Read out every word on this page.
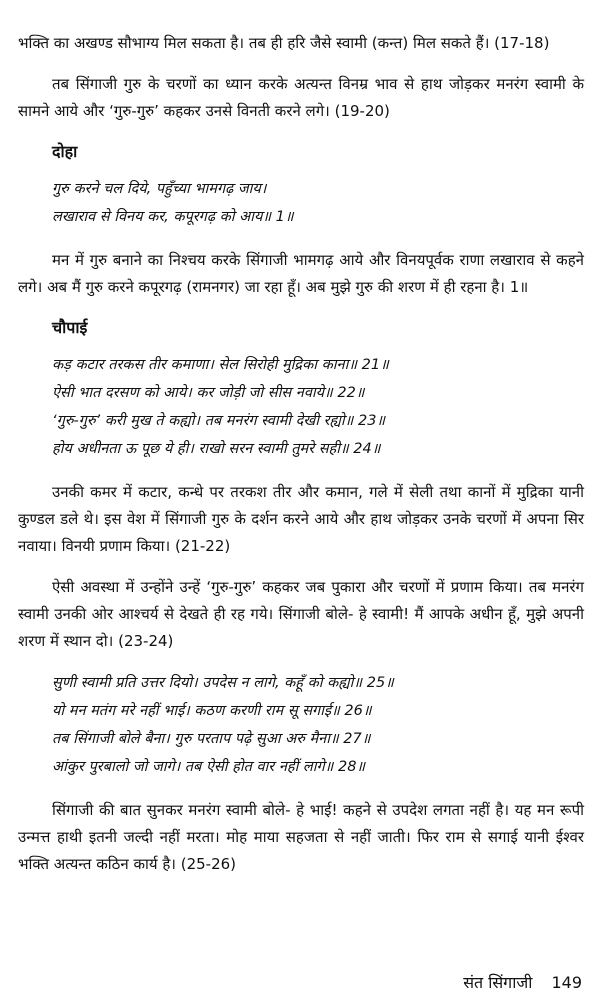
भक्ति का अखण्ड सौभाग्य मिल सकता है। तब ही हरि जैसे स्वामी (कन्त) मिल सकते हैं। (17-18)

तब सिंगाजी गुरु के चरणों का ध्यान करके अत्यन्त विनम्र भाव से हाथ जोड़कर मनरंग स्वामी के सामने आये और ‘गुरु-गुरु’ कहकर उनसे विनती करने लगे। (19-20)

दोहा
गुरु करने चल दिये, पहुँच्या भामगढ़ जाय।
लखाराव से विनय कर, कपूरगढ़ को आय॥ 1॥

मन में गुरु बनाने का निश्चय करके सिंगाजी भामगढ़ आये और विनयपूर्वक राणा लखाराव से कहने लगे। अब मैं गुरु करने कपूरगढ़ (रामनगर) जा रहा हूँ। अब मुझे गुरु की शरण में ही रहना है। 1॥

चौपाई
कड़ कटार तरकस तीर कमाणा। सेल सिरोही मुद्रिका काना॥ 21॥
ऐसी भात दरसण को आये। कर जोड़ी जो सीस नवाये॥ 22॥
‘गुरु-गुरु’ करी मुख ते कह्यो। तब मनरंग स्वामी देखी रह्यो॥ 23॥
होय अधीनता ऊ पूछ ये ही। राखो सरन स्वामी तुमरे सही॥ 24॥

उनकी कमर में कटार, कन्धे पर तरकश तीर और कमान, गले में सेली तथा कानों में मुद्रिका यानी कुण्डल डले थे। इस वेश में सिंगाजी गुरु के दर्शन करने आये और हाथ जोड़कर उनके चरणों में अपना सिर नवाया। विनयी प्रणाम किया। (21-22)

ऐसी अवस्था में उन्होंने उन्हें ‘गुरु-गुरु’ कहकर जब पुकारा और चरणों में प्रणाम किया। तब मनरंग स्वामी उनकी ओर आश्चर्य से देखते ही रह गये। सिंगाजी बोले- हे स्वामी! मैं आपके अधीन हूँ, मुझे अपनी शरण में स्थान दो। (23-24)

सुणी स्वामी प्रति उत्तर दियो। उपदेस न लागे, कहूँ को कह्यो॥ 25॥
यो मन मतंग मरे नहीं भाई। कठण करणी राम सू सगाई॥ 26॥
तब सिंगाजी बोले बैना। गुरु परताप पढ़े सुआ अरु मैना॥ 27॥
आंकुर पुरबालो जो जागे। तब ऐसी होत वार नहीं लागे॥ 28॥

सिंगाजी की बात सुनकर मनरंग स्वामी बोले- हे भाई! कहने से उपदेश लगता नहीं है। यह मन रूपी उन्मत्त हाथी इतनी जल्दी नहीं मरता। मोह माया सहजता से नहीं जाती। फिर राम से सगाई यानी ईश्वर भक्ति अत्यन्त कठिन कार्य है। (25-26)

संत सिंगाजी 149
